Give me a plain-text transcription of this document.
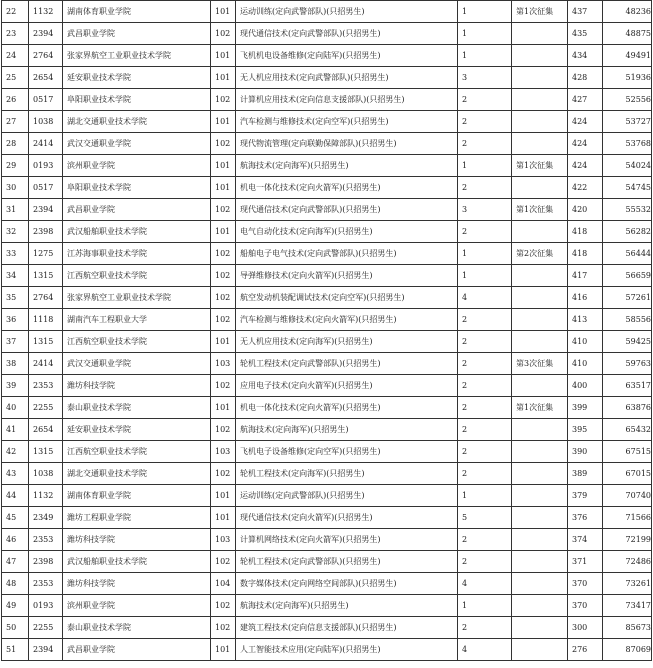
22	1132	湖南体育职业学院	101	运动训练(定向武警部队)(只招男生)	1	第1次征集	437	48236
23	2394	武昌职业学院	102	现代通信技术(定向武警部队)(只招男生)	1		435	48875
24	2764	张家界航空工业职业技术学院	101	飞机机电设备维修(定向陆军)(只招男生)	1		434	49491
25	2654	延安职业技术学院	101	无人机应用技术(定向武警部队)(只招男生)	3		428	51936
26	0517	阜阳职业技术学院	102	计算机应用技术(定向信息支援部队)(只招男生)	2		427	52556
27	1038	湖北交通职业技术学院	101	汽车检测与维修技术(定向空军)(只招男生)	2		424	53727
28	2414	武汉交通职业学院	102	现代物流管理(定向联勤保障部队)(只招男生)	2		424	53768
29	0193	滨州职业学院	101	航海技术(定向海军)(只招男生)	1	第1次征集	424	54024
30	0517	阜阳职业技术学院	101	机电一体化技术(定向火箭军)(只招男生)	2		422	54745
31	2394	武昌职业学院	102	现代通信技术(定向武警部队)(只招男生)	3	第1次征集	420	55532
32	2398	武汉船舶职业技术学院	101	电气自动化技术(定向海军)(只招男生)	2		418	56282
33	1275	江苏海事职业技术学院	102	船舶电子电气技术(定向武警部队)(只招男生)	1	第2次征集	418	56444
34	1315	江西航空职业技术学院	102	导弹维修技术(定向火箭军)(只招男生)	1		417	56659
35	2764	张家界航空工业职业技术学院	102	航空发动机装配调试技术(定向空军)(只招男生)	4		416	57261
36	1118	湖南汽车工程职业大学	102	汽车检测与维修技术(定向火箭军)(只招男生)	2		413	58556
37	1315	江西航空职业技术学院	101	无人机应用技术(定向海军)(只招男生)	2		410	59425
38	2414	武汉交通职业学院	103	轮机工程技术(定向武警部队)(只招男生)	2	第3次征集	410	59763
39	2353	潍坊科技学院	102	应用电子技术(定向火箭军)(只招男生)	2		400	63517
40	2255	泰山职业技术学院	101	机电一体化技术(定向火箭军)(只招男生)	2	第1次征集	399	63876
41	2654	延安职业技术学院	102	航海技术(定向海军)(只招男生)	2		395	65432
42	1315	江西航空职业技术学院	103	飞机电子设备维修(定向空军)(只招男生)	2		390	67515
43	1038	湖北交通职业技术学院	102	轮机工程技术(定向海军)(只招男生)	2		389	67015
44	1132	湖南体育职业学院	101	运动训练(定向武警部队)(只招男生)	1		379	70740
45	2349	潍坊工程职业学院	101	现代通信技术(定向火箭军)(只招男生)	5		376	71566
46	2353	潍坊科技学院	103	计算机网络技术(定向火箭军)(只招男生)	2		374	72199
47	2398	武汉船舶职业技术学院	102	轮机工程技术(定向武警部队)(只招男生)	2		371	72486
48	2353	潍坊科技学院	104	数字媒体技术(定向网络空间部队)(只招男生)	4		370	73261
49	0193	滨州职业学院	102	航海技术(定向海军)(只招男生)	1		370	73417
50	2255	泰山职业技术学院	102	建筑工程技术(定向信息支援部队)(只招男生)	2		300	85673
51	2394	武昌职业学院	101	人工智能技术应用(定向陆军)(只招男生)	4		276	87069
